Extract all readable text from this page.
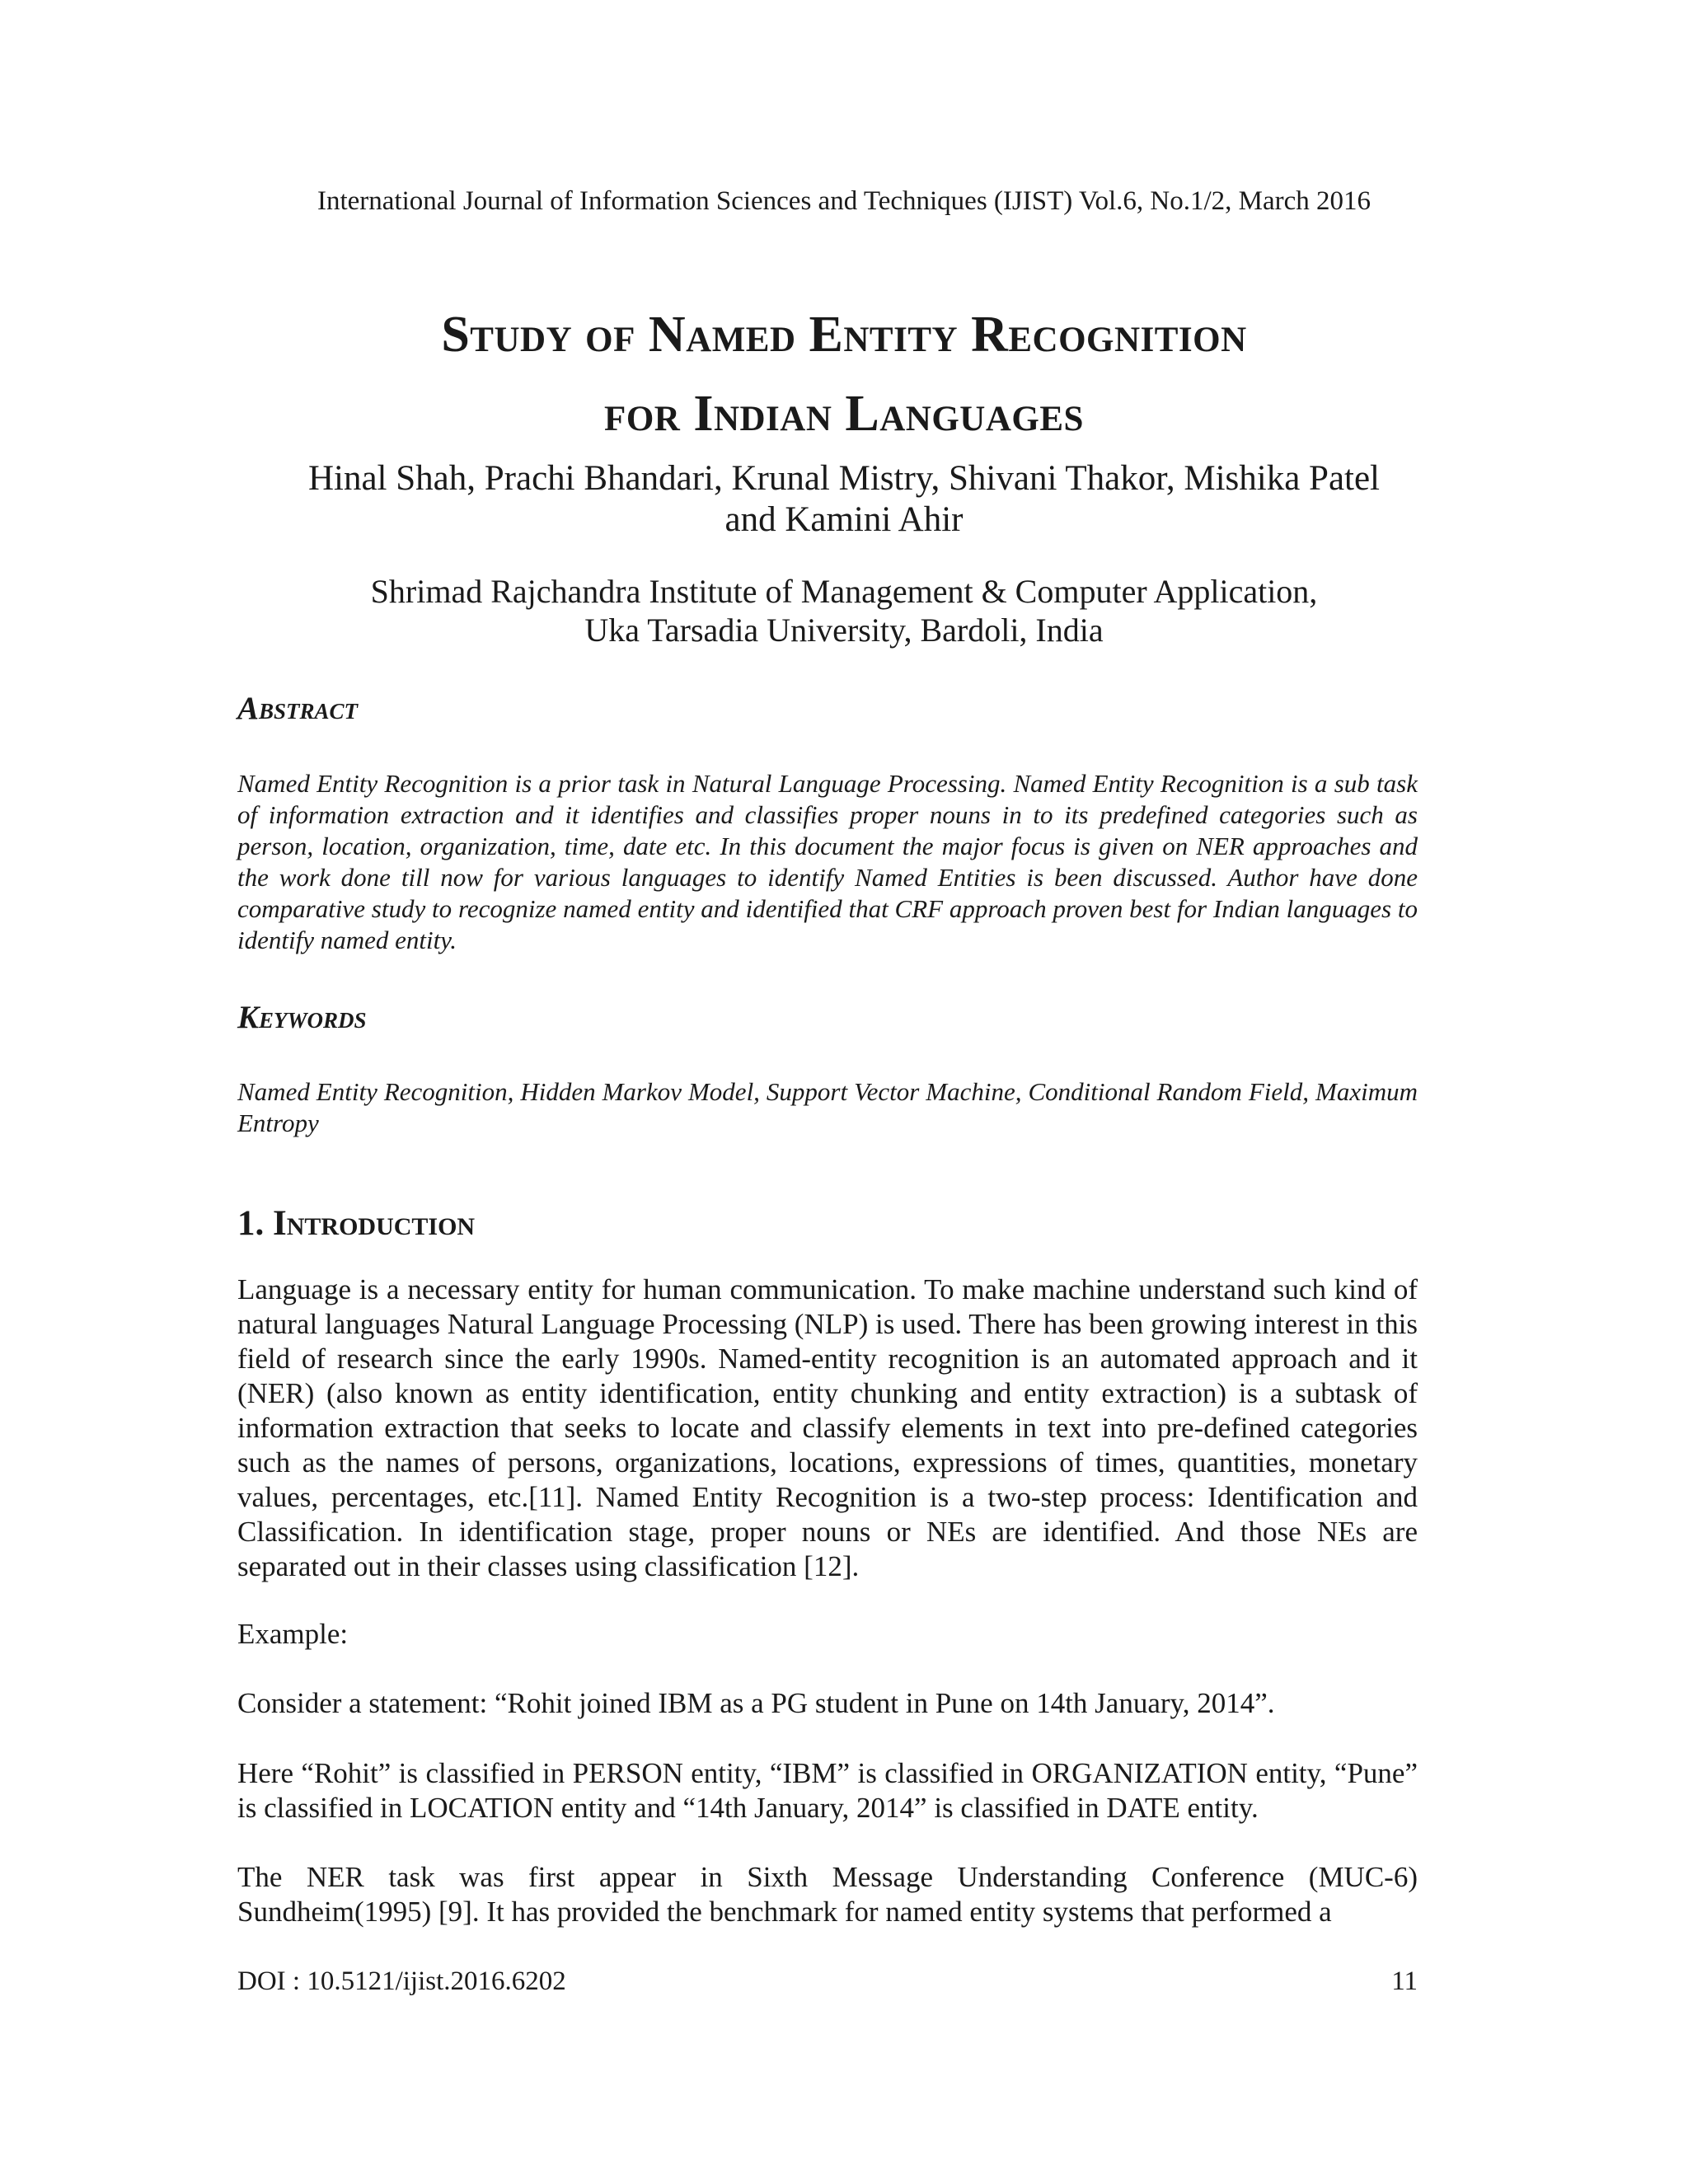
International Journal of Information Sciences and Techniques (IJIST) Vol.6, No.1/2, March 2016
Study of Named Entity Recognition
for Indian Languages
Hinal Shah, Prachi Bhandari, Krunal Mistry, Shivani Thakor, Mishika Patel
and Kamini Ahir
Shrimad Rajchandra Institute of Management & Computer Application,
Uka Tarsadia University, Bardoli, India
Abstract
Named Entity Recognition is a prior task in Natural Language Processing. Named Entity Recognition is a sub task of information extraction and it identifies and classifies proper nouns in to its predefined categories such as person, location, organization, time, date etc. In this document the major focus is given on NER approaches and the work done till now for various languages to identify Named Entities is been discussed. Author have done comparative study to recognize named entity and identified that CRF approach proven best for Indian languages to identify named entity.
Keywords
Named Entity Recognition, Hidden Markov Model, Support Vector Machine, Conditional Random Field, Maximum Entropy
1. Introduction
Language is a necessary entity for human communication. To make machine understand such kind of natural languages Natural Language Processing (NLP) is used. There has been growing interest in this field of research since the early 1990s. Named-entity recognition is an automated approach and it (NER) (also known as entity identification, entity chunking and entity extraction) is a subtask of information extraction that seeks to locate and classify elements in text into pre-defined categories such as the names of persons, organizations, locations, expressions of times, quantities, monetary values, percentages, etc.[11]. Named Entity Recognition is a two-step process: Identification and Classification. In identification stage, proper nouns or NEs are identified. And those NEs are separated out in their classes using classification [12].
Example:
Consider a statement: “Rohit joined IBM as a PG student in Pune on 14th January, 2014”.
Here “Rohit” is classified in PERSON entity, “IBM” is classified in ORGANIZATION entity, “Pune” is classified in LOCATION entity and “14th January, 2014” is classified in DATE entity.
The NER task was first appear in Sixth Message Understanding Conference (MUC-6) Sundheim(1995) [9]. It has provided the benchmark for named entity systems that performed a
DOI : 10.5121/ijist.2016.6202	11
